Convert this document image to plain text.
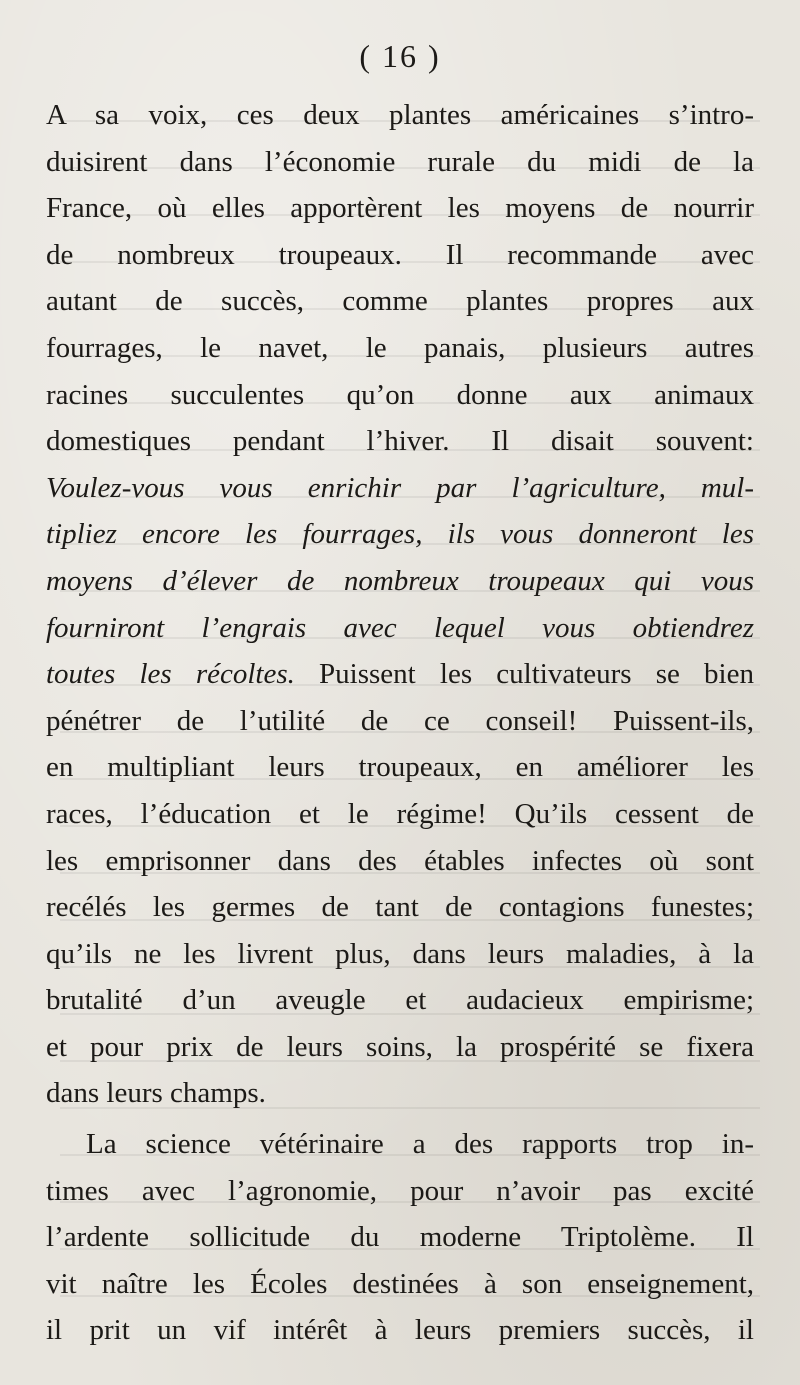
( 16 )
A sa voix, ces deux plantes américaines s’intro-
duisirent dans l’économie rurale du midi de la
France, où elles apportèrent les moyens de nourrir
de nombreux troupeaux. Il recommande avec
autant de succès, comme plantes propres aux
fourrages, le navet, le panais, plusieurs autres
racines succulentes qu’on donne aux animaux
domestiques pendant l’hiver. Il disait souvent:
Voulez-vous vous enrichir par l’agriculture, mul-
tipliez encore les fourrages, ils vous donneront les
moyens d’élever de nombreux troupeaux qui vous
fourniront l’engrais avec lequel vous obtiendrez
toutes les récoltes. Puissent les cultivateurs se bien
pénétrer de l’utilité de ce conseil! Puissent-ils,
en multipliant leurs troupeaux, en améliorer les
races, l’éducation et le régime! Qu’ils cessent de
les emprisonner dans des étables infectes où sont
recélés les germes de tant de contagions funestes;
qu’ils ne les livrent plus, dans leurs maladies, à la
brutalité d’un aveugle et audacieux empirisme;
et pour prix de leurs soins, la prospérité se fixera
dans leurs champs.
La science vétérinaire a des rapports trop in-
times avec l’agronomie, pour n’avoir pas excité
l’ardente sollicitude du moderne Triptolème. Il
vit naître les Écoles destinées à son enseignement,
il prit un vif intérêt à leurs premiers succès, il
